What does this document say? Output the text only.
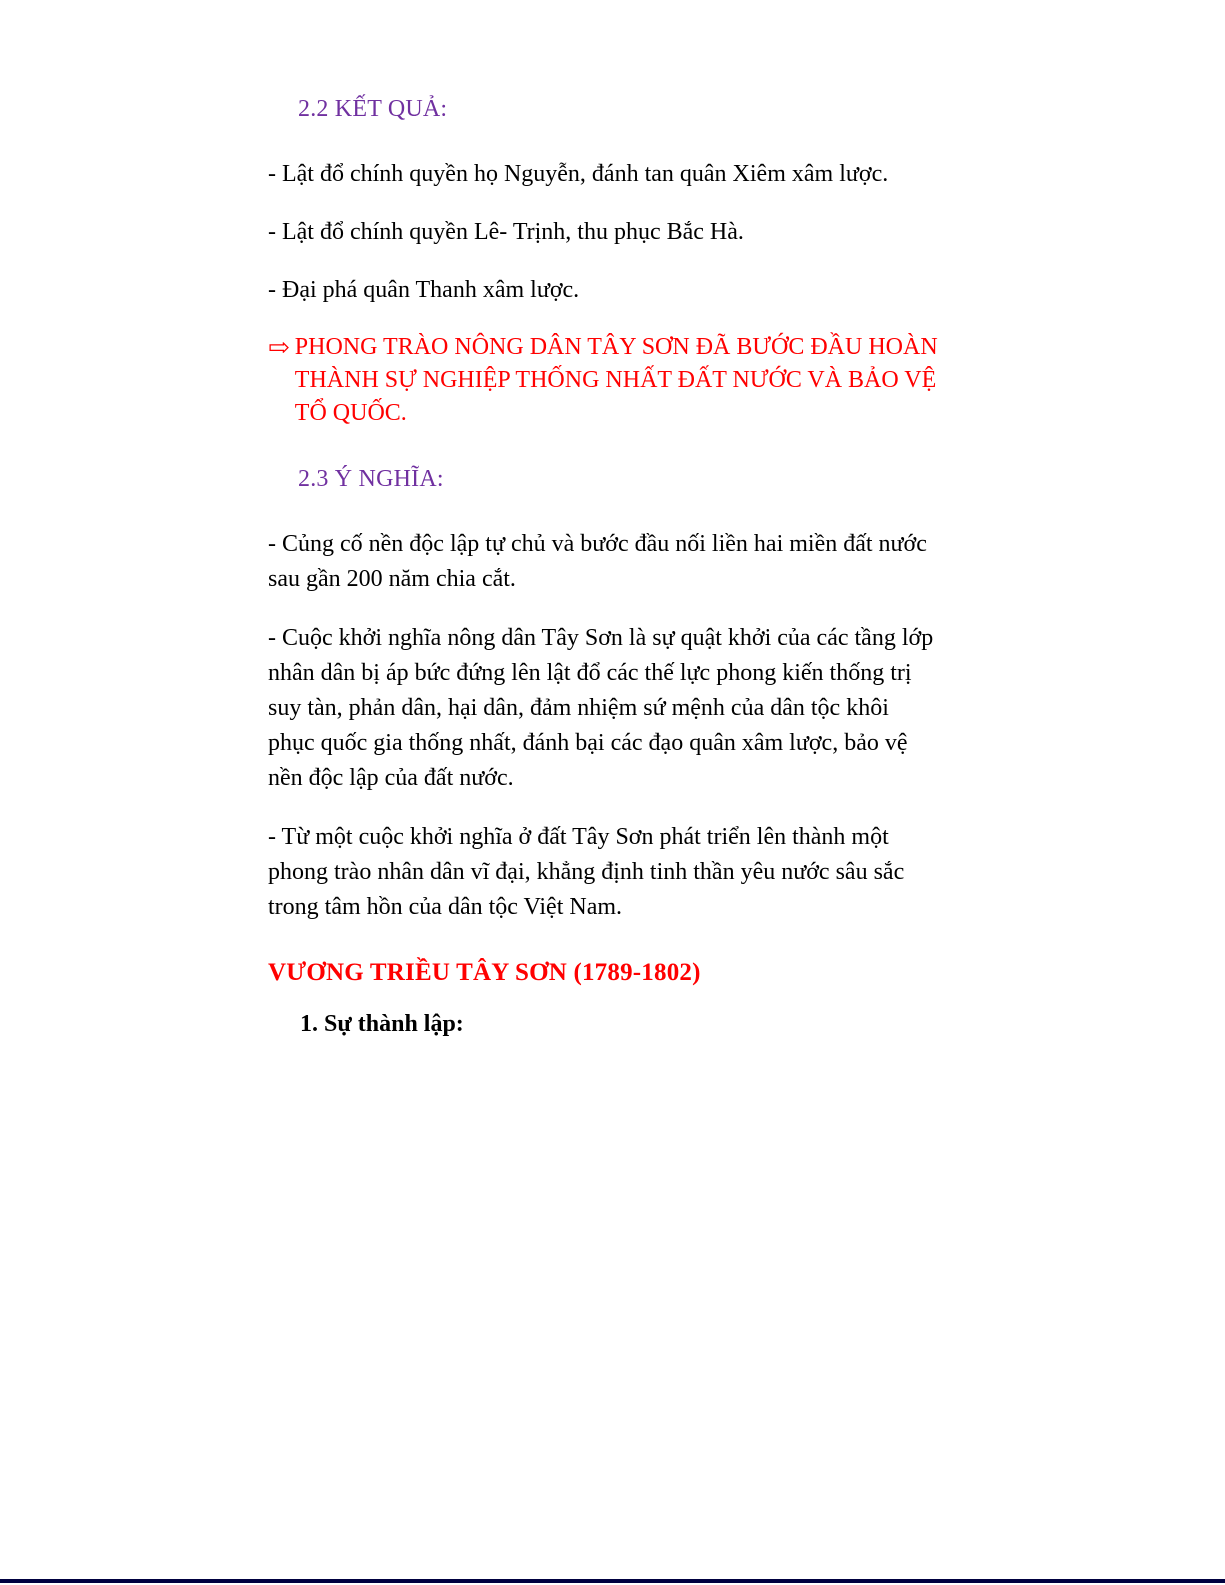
2.2 KẾT QUẢ:

- Lật đổ chính quyền họ Nguyễn, đánh tan quân Xiêm xâm lược.

- Lật đổ chính quyền Lê- Trịnh, thu phục Bắc Hà.

- Đại phá quân Thanh xâm lược.

⇨ PHONG TRÀO NÔNG DÂN TÂY SƠN ĐÃ BƯỚC ĐẦU HOÀN THÀNH SỰ NGHIỆP THỐNG NHẤT ĐẤT NƯỚC VÀ BẢO VỆ TỔ QUỐC.
2.3 Ý NGHĨA:

- Củng cố nền độc lập tự chủ và bước đầu nối liền hai miền đất nước sau gần 200 năm chia cắt.

- Cuộc khởi nghĩa nông dân Tây Sơn là sự quật khởi của các tầng lớp nhân dân bị áp bức đứng lên lật đổ các thế lực phong kiến thống trị suy tàn, phản dân, hại dân, đảm nhiệm sứ mệnh của dân tộc khôi phục quốc gia thống nhất, đánh bại các đạo quân xâm lược, bảo vệ nền độc lập của đất nước.

- Từ một cuộc khởi nghĩa ở đất Tây Sơn phát triển lên thành một phong trào nhân dân vĩ đại, khẳng định tinh thần yêu nước sâu sắc trong tâm hồn của dân tộc Việt Nam.

VƯƠNG TRIỀU TÂY SƠN (1789-1802)
1. Sự thành lập:
